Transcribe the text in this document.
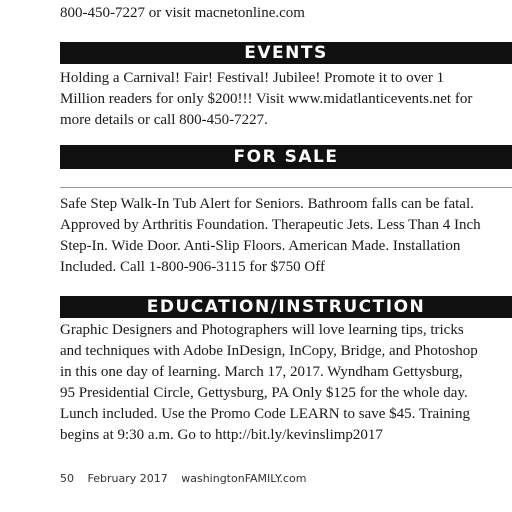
800-450-7227 or visit macnetonline.com
EVENTS
Holding a Carnival! Fair! Festival! Jubilee! Promote it to over 1
Million readers for only $200!!! Visit www.midatlanticevents.net for
more details or call 800-450-7227.
FOR SALE
Safe Step Walk-In Tub Alert for Seniors. Bathroom falls can be fatal.
Approved by Arthritis Foundation. Therapeutic Jets. Less Than 4 Inch
Step-In. Wide Door. Anti-Slip Floors. American Made. Installation
Included. Call 1-800-906-3115 for $750 Off
EDUCATION/INSTRUCTION
Graphic Designers and Photographers will love learning tips, tricks
and techniques with Adobe InDesign, InCopy, Bridge, and Photoshop
in this one day of learning. March 17, 2017. Wyndham Gettysburg,
95 Presidential Circle, Gettysburg, PA Only $125 for the whole day.
Lunch included. Use the Promo Code LEARN to save $45. Training
begins at 9:30 a.m. Go to http://bit.ly/kevinslimp2017
50 February 2017 washingtonFAMILY.com
